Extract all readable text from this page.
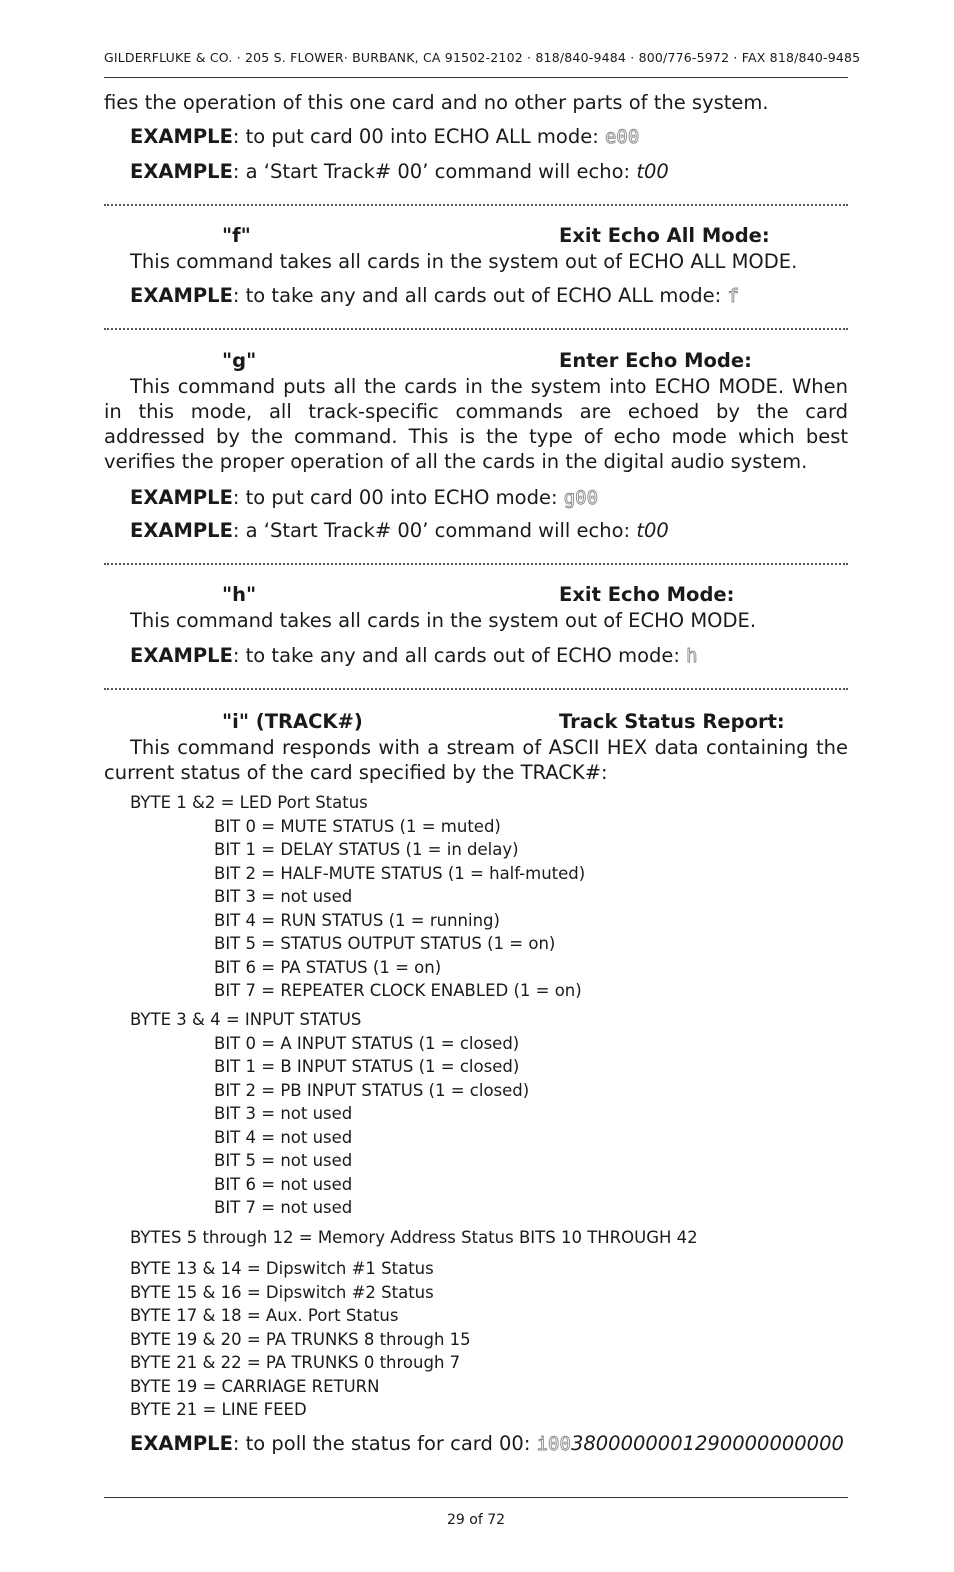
GILDERFLUKE & CO. · 205 S. FLOWER· BURBANK, CA 91502-2102 · 818/840-9484 · 800/776-5972 · FAX 818/840-9485
fies the operation of this one card and no other parts of the system.
EXAMPLE: to put card 00 into ECHO ALL mode: e00
EXAMPLE: a ‘Start Track# 00’ command will echo: t00
"f"	Exit Echo All Mode:
This command takes all cards in the system out of ECHO ALL MODE.
EXAMPLE: to take any and all cards out of ECHO ALL mode: f
"g"	Enter Echo Mode:
This command puts all the cards in the system into ECHO MODE. When in this mode, all track-specific commands are echoed by the card addressed by the command. This is the type of echo mode which best verifies the proper operation of all the cards in the digital audio system.
EXAMPLE: to put card 00 into ECHO mode: g00
EXAMPLE: a ‘Start Track# 00’ command will echo: t00
"h"	Exit Echo Mode:
This command takes all cards in the system out of ECHO MODE.
EXAMPLE: to take any and all cards out of ECHO mode: h
"i" (TRACK#)	Track Status Report:
This command responds with a stream of ASCII HEX data containing the current status of the card specified by the TRACK#:
BYTE 1 &2 = LED Port Status
BIT 0 = MUTE STATUS (1 = muted)
BIT 1 = DELAY STATUS (1 = in delay)
BIT 2 = HALF-MUTE STATUS (1 = half-muted)
BIT 3 = not used
BIT 4 = RUN STATUS (1 = running)
BIT 5 = STATUS OUTPUT STATUS (1 = on)
BIT 6 = PA STATUS (1 = on)
BIT 7 = REPEATER CLOCK ENABLED (1 = on)
BYTE 3 & 4 = INPUT STATUS
BIT 0 = A INPUT STATUS (1 = closed)
BIT 1 = B INPUT STATUS (1 = closed)
BIT 2 = PB INPUT STATUS (1 = closed)
BIT 3 = not used
BIT 4 = not used
BIT 5 = not used
BIT 6 = not used
BIT 7 = not used
BYTES 5 through 12 = Memory Address Status BITS 10 THROUGH 42
BYTE 13 & 14 = Dipswitch #1 Status
BYTE 15 & 16 = Dipswitch #2 Status
BYTE 17 & 18 = Aux. Port Status
BYTE 19 & 20 = PA TRUNKS 8 through 15
BYTE 21 & 22 = PA TRUNKS 0 through 7
BYTE 19 = CARRIAGE RETURN
BYTE 21 = LINE FEED
EXAMPLE: to poll the status for card 00: i003800000001290000000000
29 of 72
